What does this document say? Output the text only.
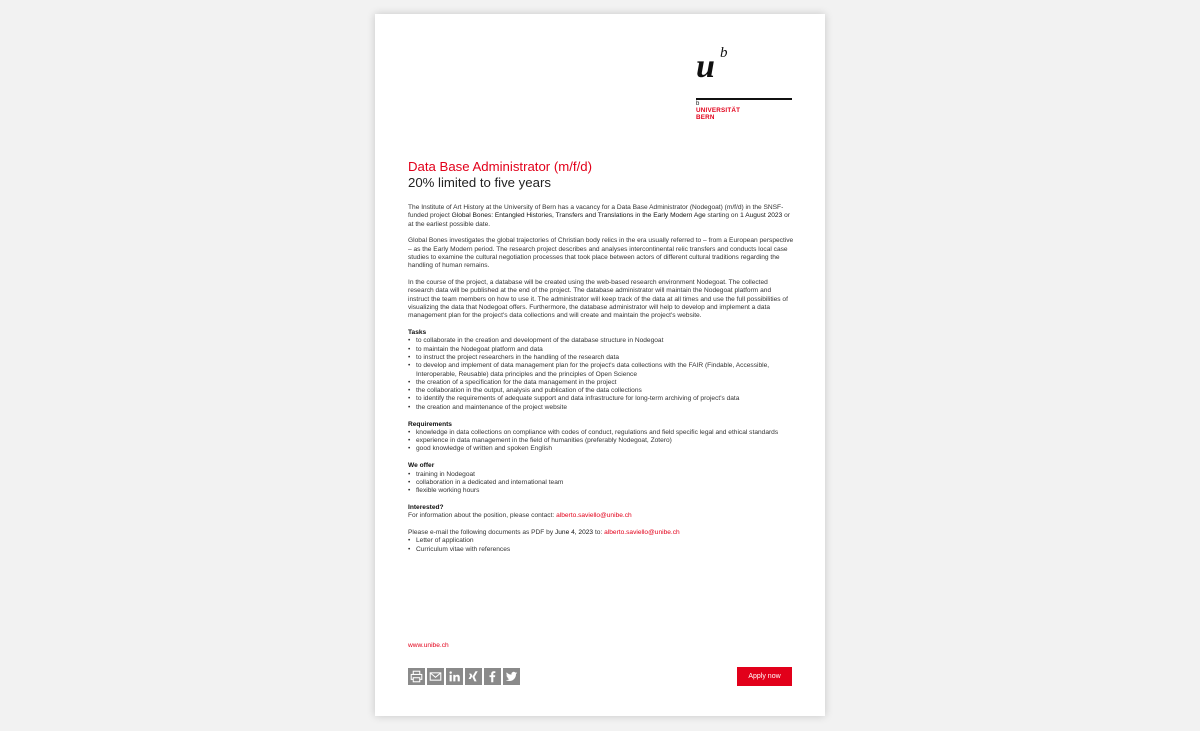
u b
b
UNIVERSITÄT
BERN
Data Base Administrator (m/f/d)
20% limited to five years

The Institute of Art History at the University of Bern has a vacancy for a Data Base Administrator (Nodegoat) (m/f/d) in the SNSF-funded project Global Bones: Entangled Histories, Transfers and Translations in the Early Modern Age starting on 1 August 2023 or at the earliest possible date.

Global Bones investigates the global trajectories of Christian body relics in the era usually referred to – from a European perspective – as the Early Modern period. The research project describes and analyses intercontinental relic transfers and conducts local case studies to examine the cultural negotiation processes that took place between actors of different cultural traditions regarding the handling of human remains.

In the course of the project, a database will be created using the web-based research environment Nodegoat. The collected research data will be published at the end of the project. The database administrator will maintain the Nodegoat platform and instruct the team members on how to use it. The administrator will keep track of the data at all times and use the full possibilities of visualizing the data that Nodegoat offers. Furthermore, the database administrator will help to develop and implement a data management plan for the project's data collections and will create and maintain the project's website.

Tasks
• to collaborate in the creation and development of the database structure in Nodegoat
• to maintain the Nodegoat platform and data
• to instruct the project researchers in the handling of the research data
• to develop and implement of data management plan for the project's data collections with the FAIR (Findable, Accessible, Interoperable, Reusable) data principles and the principles of Open Science
• the creation of a specification for the data management in the project
• the collaboration in the output, analysis and publication of the data collections
• to identify the requirements of adequate support and data infrastructure for long-term archiving of project's data
• the creation and maintenance of the project website
Requirements
• knowledge in data collections on compliance with codes of conduct, regulations and field specific legal and ethical standards
• experience in data management in the field of humanities (preferably Nodegoat, Zotero)
• good knowledge of written and spoken English
We offer
• training in Nodegoat
• collaboration in a dedicated and international team
• flexible working hours
Interested?

For information about the position, please contact: alberto.saviello@unibe.ch

Please e-mail the following documents as PDF by June 4, 2023 to: alberto.saviello@unibe.ch

• Letter of application
• Curriculum vitae with references
www.unibe.ch
Apply now
